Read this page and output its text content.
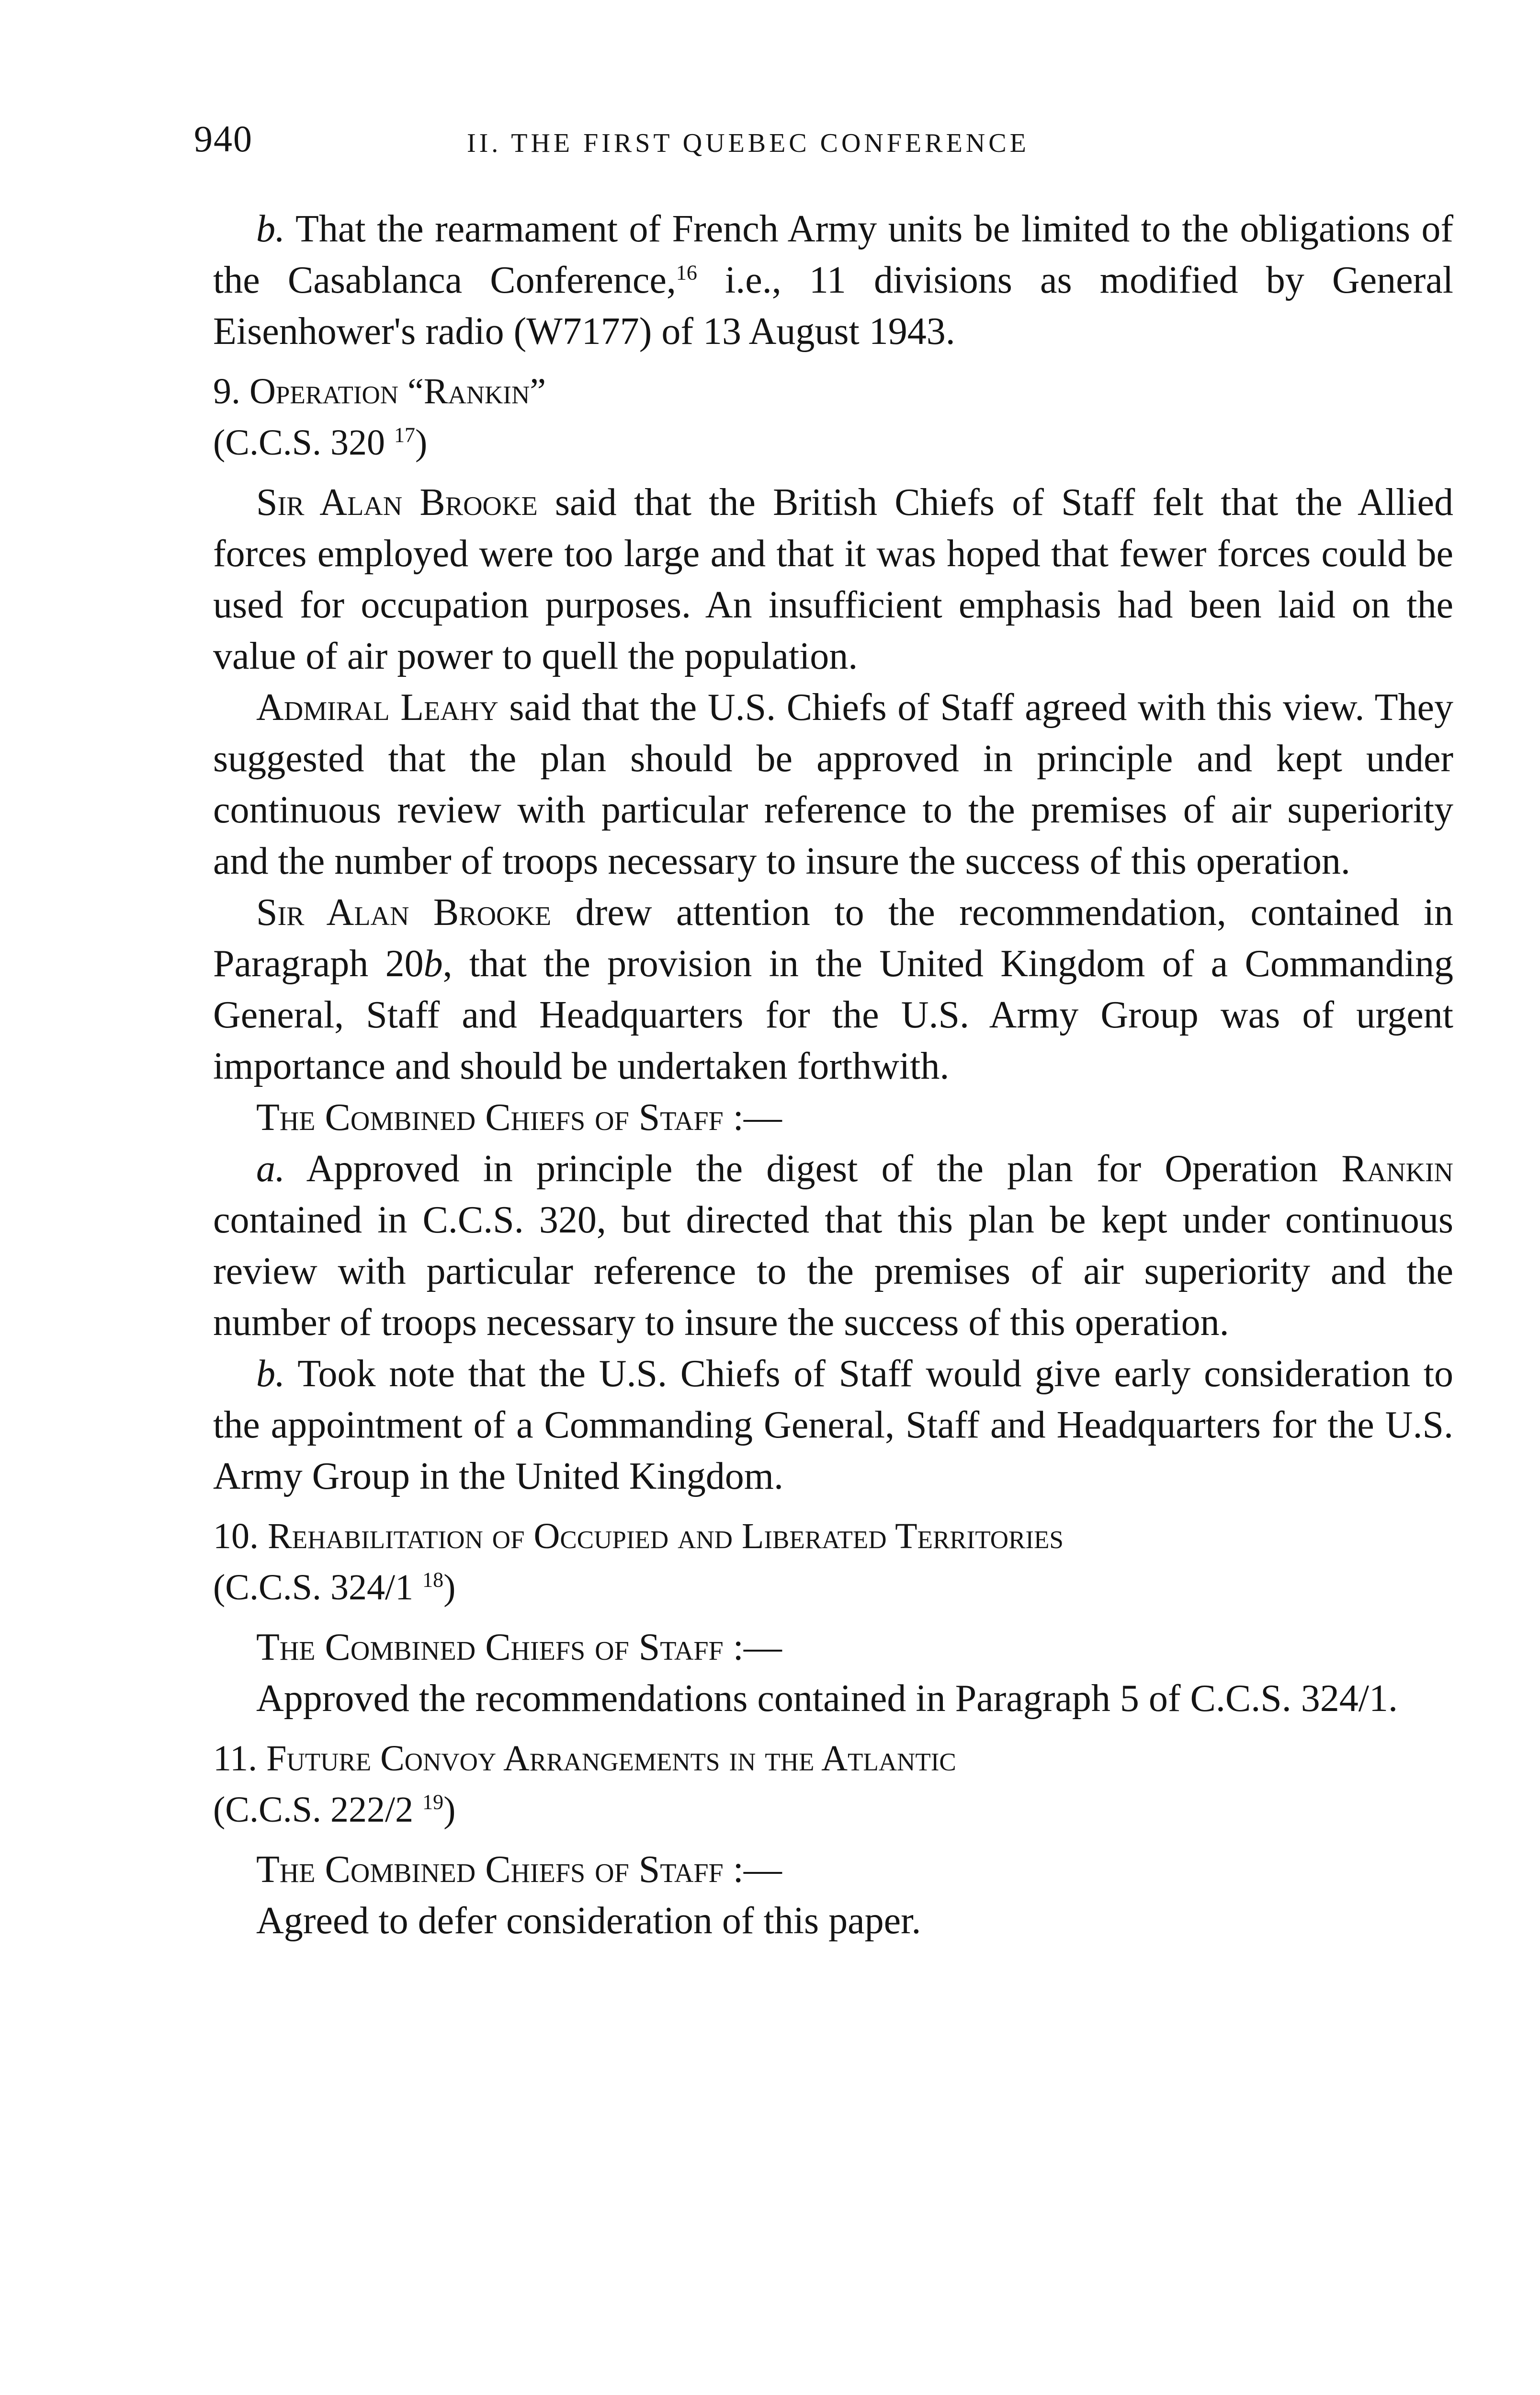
940	II. THE FIRST QUEBEC CONFERENCE

b. That the rearmament of French Army units be limited to the obligations of the Casablanca Conference,$^{16}$ i.e., 11 divisions as modified by General Eisenhower's radio (W7177) of 13 August 1943.

9. Operation “Rankin”

(C.C.S. 320 $^{17}$)

Sir Alan Brooke said that the British Chiefs of Staff felt that the Allied forces employed were too large and that it was hoped that fewer forces could be used for occupation purposes. An insufficient emphasis had been laid on the value of air power to quell the population.

Admiral Leahy said that the U.S. Chiefs of Staff agreed with this view. They suggested that the plan should be approved in principle and kept under continuous review with particular reference to the premises of air superiority and the number of troops necessary to insure the success of this operation.

Sir Alan Brooke drew attention to the recommendation, contained in Paragraph 20b, that the provision in the United Kingdom of a Commanding General, Staff and Headquarters for the U.S. Army Group was of urgent importance and should be undertaken forthwith.

The Combined Chiefs of Staff :—

a. Approved in principle the digest of the plan for Operation Rankin contained in C.C.S. 320, but directed that this plan be kept under continuous review with particular reference to the premises of air superiority and the number of troops necessary to insure the success of this operation.

b. Took note that the U.S. Chiefs of Staff would give early consideration to the appointment of a Commanding General, Staff and Headquarters for the U.S. Army Group in the United Kingdom.

10. Rehabilitation of Occupied and Liberated Territories

(C.C.S. 324/1 $^{18}$)

The Combined Chiefs of Staff :—

Approved the recommendations contained in Paragraph 5 of C.C.S. 324/1.

11. Future Convoy Arrangements in the Atlantic

(C.C.S. 222/2 $^{19}$)

The Combined Chiefs of Staff :—

Agreed to defer consideration of this paper.
